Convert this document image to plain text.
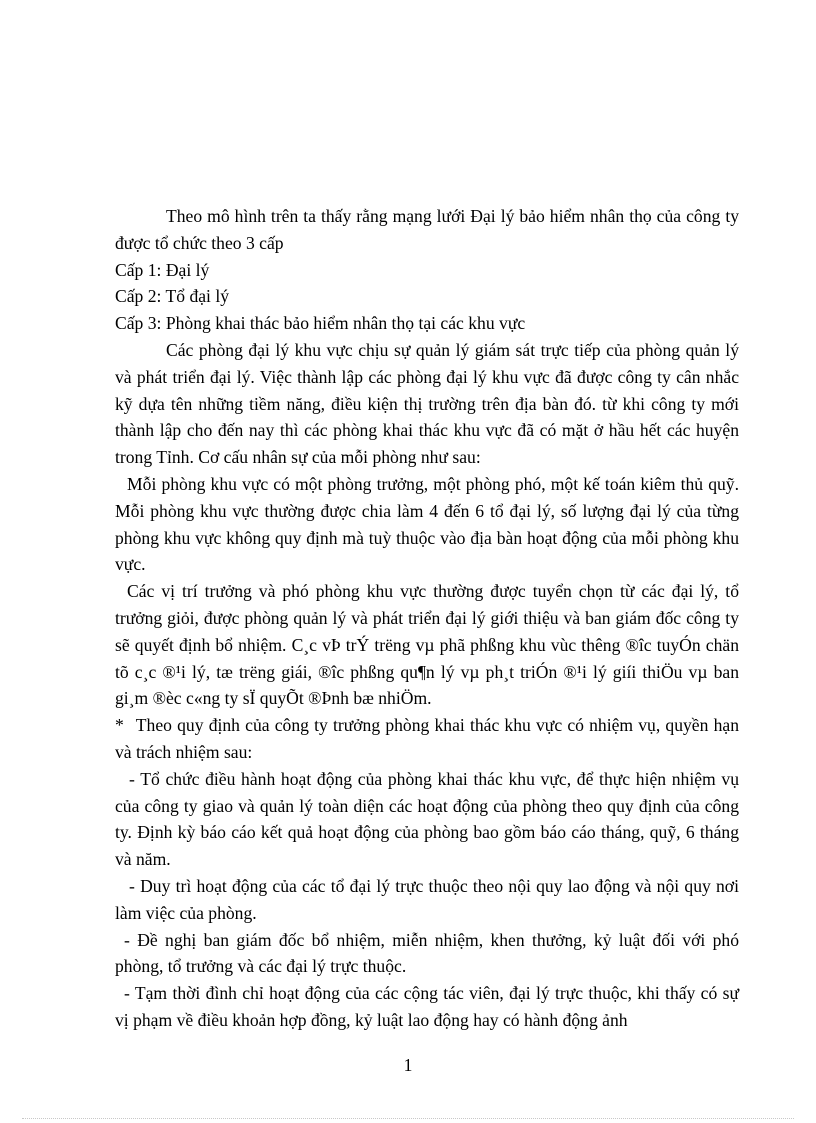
Theo mô hình trên ta thấy rằng mạng lưới Đại lý bảo hiểm nhân thọ của công ty được tổ chức theo 3 cấp

Cấp 1: Đại lý

Cấp 2: Tổ đại lý

Cấp 3: Phòng khai thác bảo hiểm nhân thọ tại các khu vực

Các phòng đại lý khu vực chịu sự quản lý giám sát trực tiếp của phòng quản lý và phát triển đại lý. Việc thành lập các phòng đại lý khu vực đã được công ty cân nhắc kỹ dựa tên những tiềm năng, điều kiện thị trường trên địa bàn đó. từ khi công ty mới thành lập cho đến nay thì các phòng khai thác khu vực đã có mặt ở hầu hết các huyện trong Tỉnh. Cơ cấu nhân sự của mỗi phòng như sau:

Mỗi phòng khu vực có một phòng trưởng, một phòng phó, một kế toán kiêm thủ quỹ. Mỗi phòng khu vực thường được chia làm 4 đến 6 tổ đại lý, số lượng đại lý của từng phòng khu vực không quy định mà tuỳ thuộc vào địa bàn hoạt động của mỗi phòng khu vực.

Các vị trí trưởng và phó phòng khu vực thường được tuyển chọn từ các đại lý, tổ trưởng giỏi, được phòng quản lý và phát triển đại lý giới thiệu và ban giám đốc công ty sẽ quyết định bổ nhiệm. C¸c vÞ trÝ trëng vµ phã phßng khu vùc thêng ®îc tuyÓn chän tõ c¸c ®¹i lý, tæ trëng giái, ®îc phßng qu¶n lý vµ ph¸t triÓn ®¹i lý giíi thiÖu vµ ban gi¸m ®èc c«ng ty sÏ quyÕt ®Þnh bæ nhiÖm.

* Theo quy định của công ty trưởng phòng khai thác khu vực có nhiệm vụ, quyền hạn và trách nhiệm sau:

- Tổ chức điều hành hoạt động của phòng khai thác khu vực, để thực hiện nhiệm vụ của công ty giao và quản lý toàn diện các hoạt động của phòng theo quy định của công ty. Định kỳ báo cáo kết quả hoạt động của phòng bao gồm báo cáo tháng, quỹ, 6 tháng và năm.

- Duy trì hoạt động của các tổ đại lý trực thuộc theo nội quy lao động và nội quy nơi làm việc của phòng.

- Đề nghị ban giám đốc bổ nhiệm, miễn nhiệm, khen thưởng, kỷ luật đối với phó phòng, tổ trưởng và các đại lý trực thuộc.

- Tạm thời đình chỉ hoạt động của các cộng tác viên, đại lý trực thuộc, khi thấy có sự vị phạm về điều khoản hợp đồng, kỷ luật lao động hay có hành động ảnh

1
